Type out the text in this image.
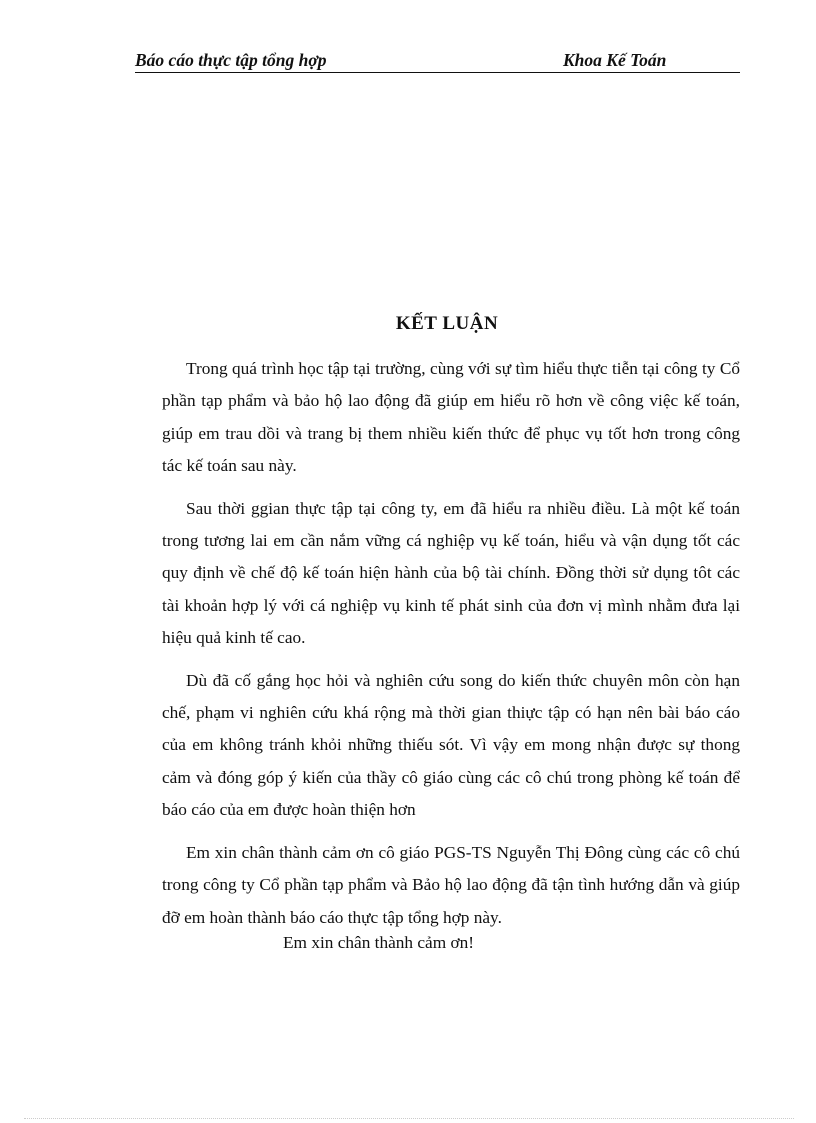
Báo cáo thực tập tổng hợp	Khoa Kế Toán
KẾT LUẬN

Trong quá trình học tập tại trường, cùng với sự tìm hiểu thực tiễn tại công ty Cổ phần tạp phẩm và bảo hộ lao động đã giúp em hiểu rõ hơn về công việc kế toán, giúp em trau dồi và trang bị them nhiều kiến thức để phục vụ tốt hơn trong công tác kế toán sau này.

Sau thời ggian thực tập tại công ty, em đã hiểu ra nhiều điều. Là một kế toán trong tương lai em cần nắm vững cá nghiệp vụ kế toán, hiểu và vận dụng tốt các quy định về chế độ kế toán hiện hành của bộ tài chính. Đồng thời sử dụng tôt các tài khoản hợp lý với cá nghiệp vụ kinh tế phát sinh của đơn vị mình nhằm đưa lại hiệu quả kinh tế cao.

Dù đã cố gắng học hỏi và nghiên cứu song do kiến thức chuyên môn còn hạn chế, phạm vi nghiên cứu khá rộng mà thời gian thiực tập có hạn nên bài báo cáo của em không tránh khỏi những thiếu sót. Vì vậy em mong nhận được sự thong cảm và đóng góp ý kiến của thầy cô giáo cùng các cô chú trong phòng kế toán để báo cáo của em được hoàn thiện hơn

Em xin chân thành cảm ơn cô giáo PGS-TS Nguyễn Thị Đông cùng các cô chú trong công ty Cổ phần tạp phẩm và Bảo hộ lao động đã tận tình hướng dẫn và giúp đỡ em hoàn thành báo cáo thực tập tổng hợp này.

Em xin chân thành cảm ơn!
